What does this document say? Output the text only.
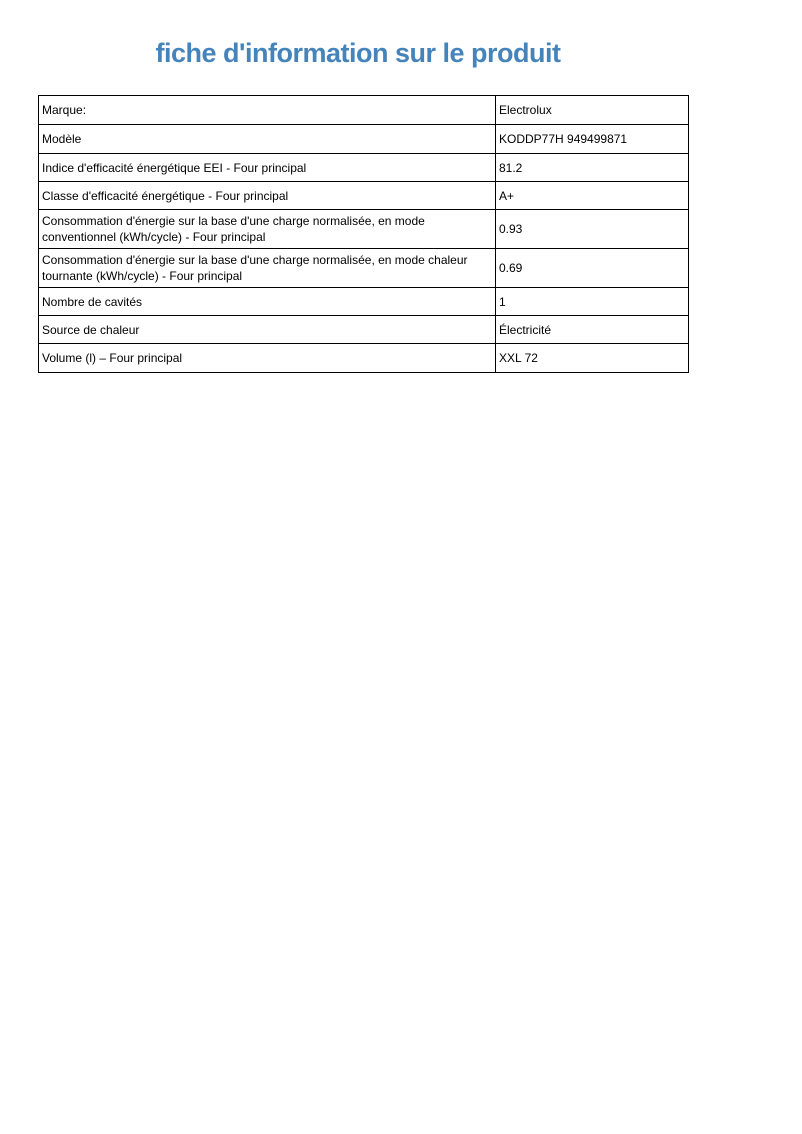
fiche d'information sur le produit
Marque:	Electrolux
Modèle	KODDP77H 949499871
Indice d'efficacité énergétique EEI - Four principal	81.2
Classe d'efficacité énergétique - Four principal	A+
Consommation d'énergie sur la base d'une charge normalisée, en mode conventionnel (kWh/cycle) - Four principal	0.93
Consommation d'énergie sur la base d'une charge normalisée, en mode chaleur tournante (kWh/cycle) - Four principal	0.69
Nombre de cavités	1
Source de chaleur	Électricité
Volume (l) – Four principal	XXL 72
